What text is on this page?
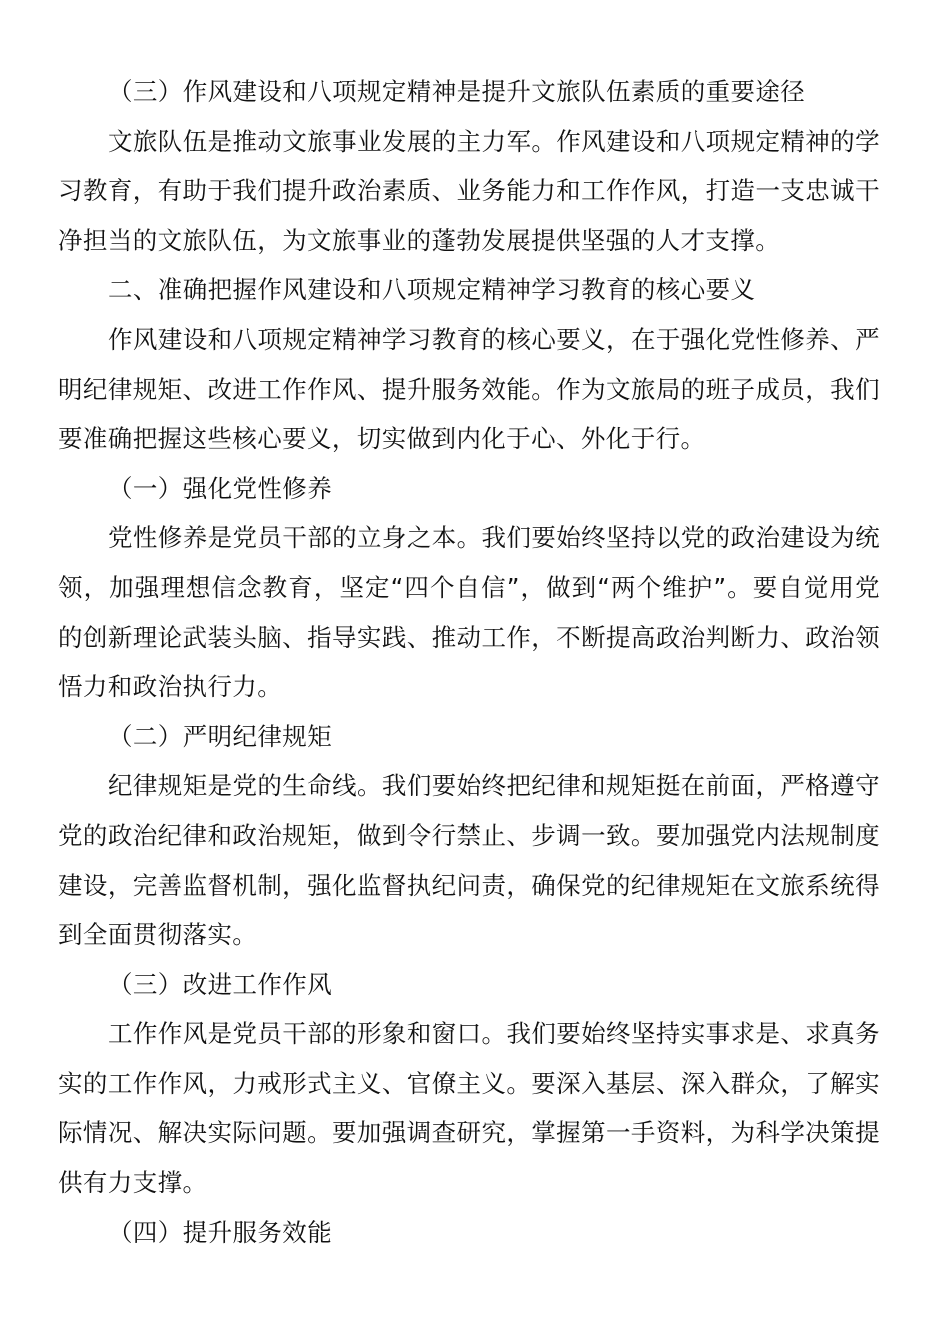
（三）作风建设和八项规定精神是提升文旅队伍素质的重要途径

文旅队伍是推动文旅事业发展的主力军。作风建设和八项规定精神的学习教育，有助于我们提升政治素质、业务能力和工作作风，打造一支忠诚干净担当的文旅队伍，为文旅事业的蓬勃发展提供坚强的人才支撑。

二、准确把握作风建设和八项规定精神学习教育的核心要义

作风建设和八项规定精神学习教育的核心要义，在于强化党性修养、严明纪律规矩、改进工作作风、提升服务效能。作为文旅局的班子成员，我们要准确把握这些核心要义，切实做到内化于心、外化于行。

（一）强化党性修养

党性修养是党员干部的立身之本。我们要始终坚持以党的政治建设为统领，加强理想信念教育，坚定“四个自信”，做到“两个维护”。要自觉用党的创新理论武装头脑、指导实践、推动工作，不断提高政治判断力、政治领悟力和政治执行力。

（二）严明纪律规矩

纪律规矩是党的生命线。我们要始终把纪律和规矩挺在前面，严格遵守党的政治纪律和政治规矩，做到令行禁止、步调一致。要加强党内法规制度建设，完善监督机制，强化监督执纪问责，确保党的纪律规矩在文旅系统得到全面贯彻落实。

（三）改进工作作风

工作作风是党员干部的形象和窗口。我们要始终坚持实事求是、求真务实的工作作风，力戒形式主义、官僚主义。要深入基层、深入群众，了解实际情况、解决实际问题。要加强调查研究，掌握第一手资料，为科学决策提供有力支撑。

（四）提升服务效能
